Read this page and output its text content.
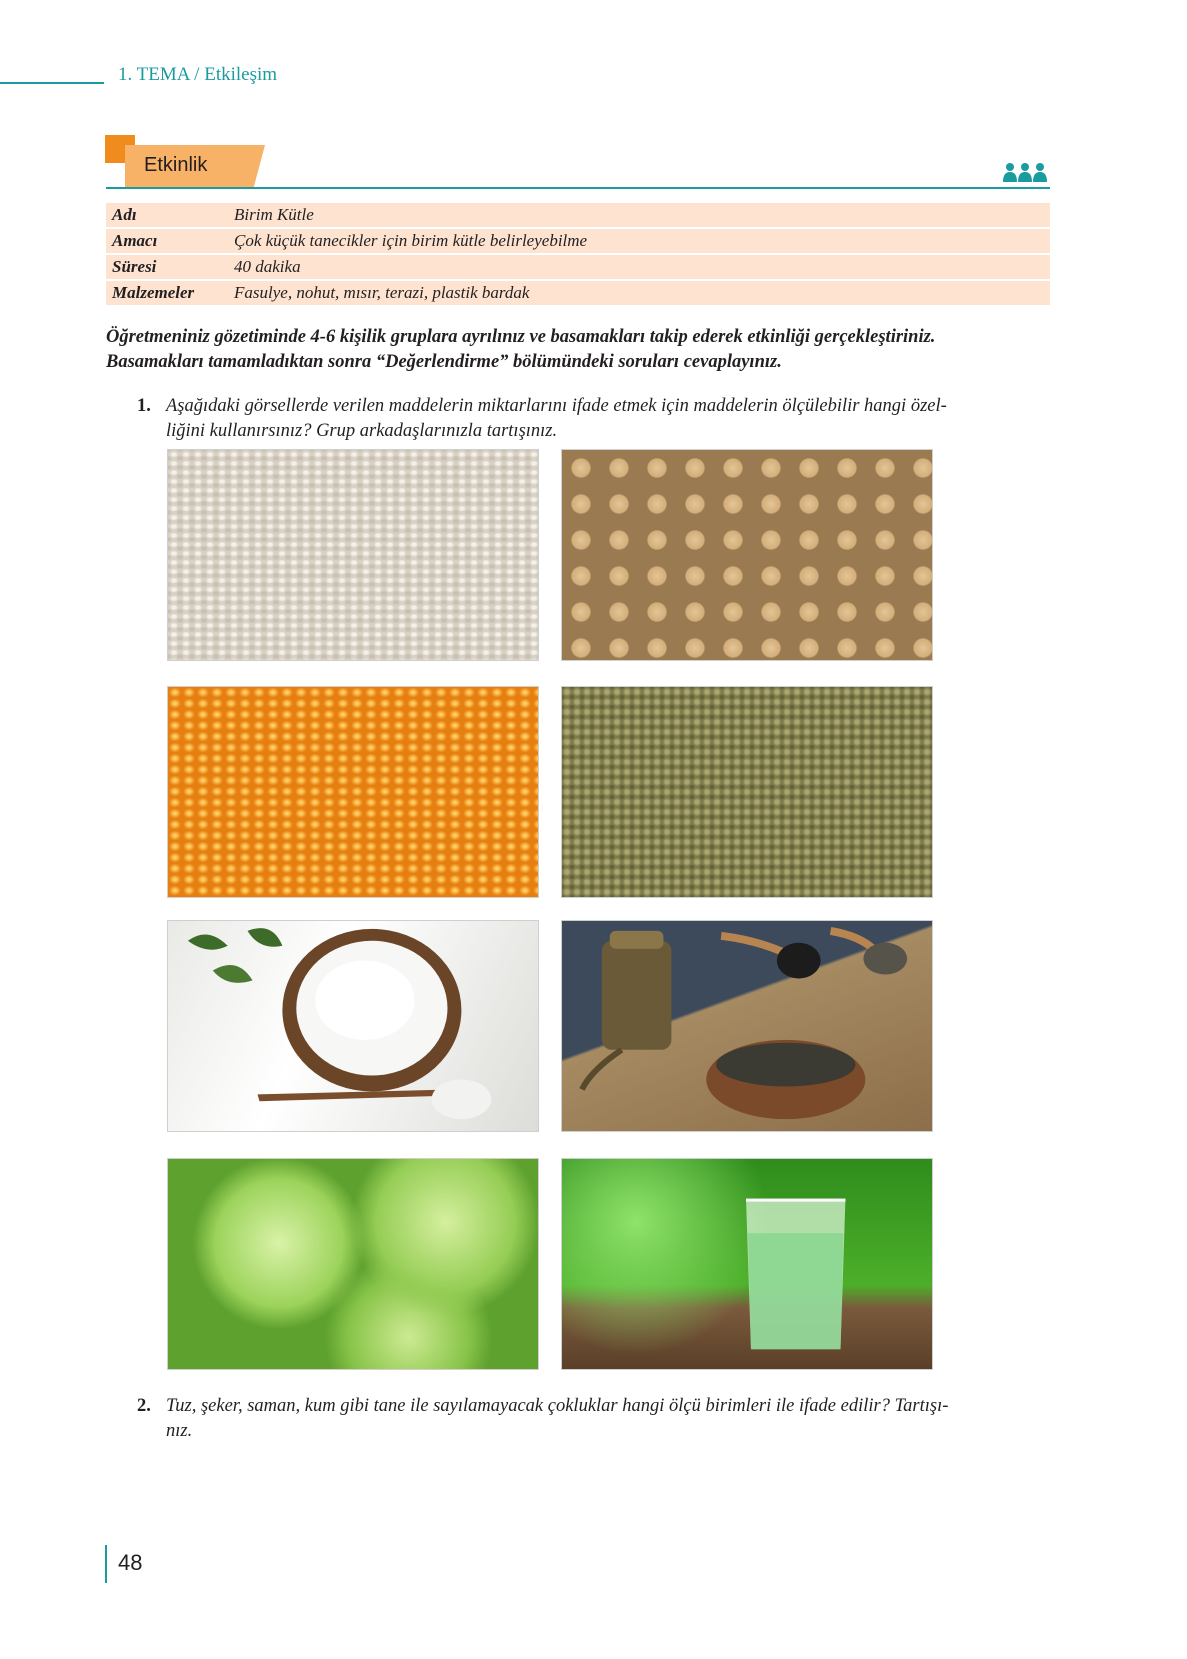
1. TEMA / Etkileşim
Etkinlik
Adı	Birim Kütle
Amacı	Çok küçük tanecikler için birim kütle belirleyebilme
Süresi	40 dakika
Malzemeler	Fasulye, nohut, mısır, terazi, plastik bardak
Öğretmeniniz gözetiminde 4-6 kişilik gruplara ayrılınız ve basamakları takip ederek etkinliği gerçekleştiriniz.
Basamakları tamamladıktan sonra “Değerlendirme” bölümündeki soruları cevaplayınız.
1. Aşağıdaki görsellerde verilen maddelerin miktarlarını ifade etmek için maddelerin ölçülebilir hangi özel-
liğini kullanırsınız? Grup arkadaşlarınızla tartışınız.
2. Tuz, şeker, saman, kum gibi tane ile sayılamayacak çokluklar hangi ölçü birimleri ile ifade edilir? Tartışı-
nız.
48
